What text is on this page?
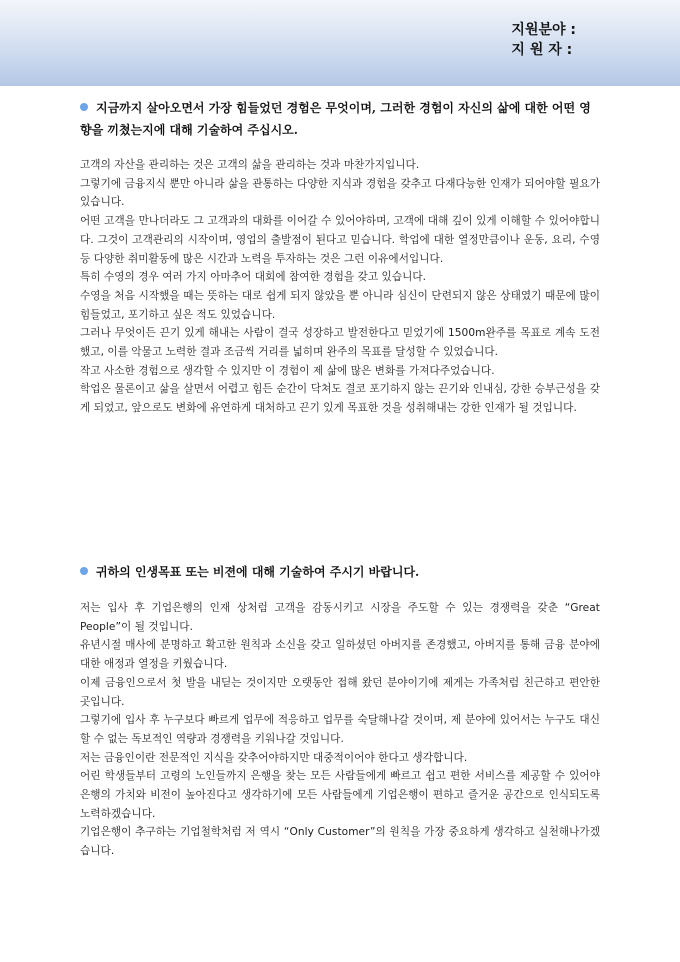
지원분야 :
지 원 자 :
지금까지 살아오면서 가장 힘들었던 경험은 무엇이며, 그러한 경험이 자신의 삶에 대한 어떤 영향을 끼쳤는지에 대해 기술하여 주십시오.

고객의 자산을 관리하는 것은 고객의 삶을 관리하는 것과 마찬가지입니다.

그렇기에 금융지식 뿐만 아니라 삶을 관통하는 다양한 지식과 경험을 갖추고 다재다능한 인재가 되어야할 필요가 있습니다.

어떤 고객을 만나더라도 그 고객과의 대화를 이어갈 수 있어야하며, 고객에 대해 깊이 있게 이해할 수 있어야합니다. 그것이 고객관리의 시작이며, 영업의 출발점이 된다고 믿습니다. 학업에 대한 열정만큼이나 운동, 요리, 수영 등 다양한 취미활동에 많은 시간과 노력을 투자하는 것은 그런 이유에서입니다.

특히 수영의 경우 여러 가지 아마추어 대회에 참여한 경험을 갖고 있습니다.

수영을 처음 시작했을 때는 뜻하는 대로 쉽게 되지 않았을 뿐 아니라 심신이 단련되지 않은 상태였기 때문에 많이 힘들었고, 포기하고 싶은 적도 있었습니다.

그러나 무엇이든 끈기 있게 해내는 사람이 결국 성장하고 발전한다고 믿었기에 1500m완주를 목표로 계속 도전했고, 이를 악물고 노력한 결과 조금씩 거리를 넓히며 완주의 목표를 달성할 수 있었습니다.

작고 사소한 경험으로 생각할 수 있지만 이 경험이 제 삶에 많은 변화를 가져다주었습니다.

학업은 물론이고 삶을 살면서 어렵고 힘든 순간이 닥쳐도 결코 포기하지 않는 끈기와 인내심, 강한 승부근성을 갖게 되었고, 앞으로도 변화에 유연하게 대처하고 끈기 있게 목표한 것을 성취해내는 강한 인재가 될 것입니다.

귀하의 인생목표 또는 비젼에 대해 기술하여 주시기 바랍니다.

저는 입사 후 기업은행의 인재 상처럼 고객을 감동시키고 시장을 주도할 수 있는 경쟁력을 갖춘 “Great People”이 될 것입니다.

유년시절 매사에 분명하고 확고한 원칙과 소신을 갖고 일하셨던 아버지를 존경했고, 아버지를 통해 금융 분야에 대한 애정과 열정을 키웠습니다.

이제 금융인으로서 첫 발을 내딛는 것이지만 오랫동안 접해 왔던 분야이기에 제게는 가족처럼 친근하고 편안한 곳입니다.

그렇기에 입사 후 누구보다 빠르게 업무에 적응하고 업무를 숙달해나갈 것이며, 제 분야에 있어서는 누구도 대신할 수 없는 독보적인 역량과 경쟁력을 키워나갈 것입니다.

저는 금융인이란 전문적인 지식을 갖추어야하지만 대중적이어야 한다고 생각합니다.

어린 학생들부터 고령의 노인들까지 은행을 찾는 모든 사람들에게 빠르고 쉽고 편한 서비스를 제공할 수 있어야 은행의 가치와 비전이 높아진다고 생각하기에 모든 사람들에게 기업은행이 편하고 즐거운 공간으로 인식되도록 노력하겠습니다.

기업은행이 추구하는 기업철학처럼 저 역시 “Only Customer”의 원칙을 가장 중요하게 생각하고 실천해나가겠습니다.
